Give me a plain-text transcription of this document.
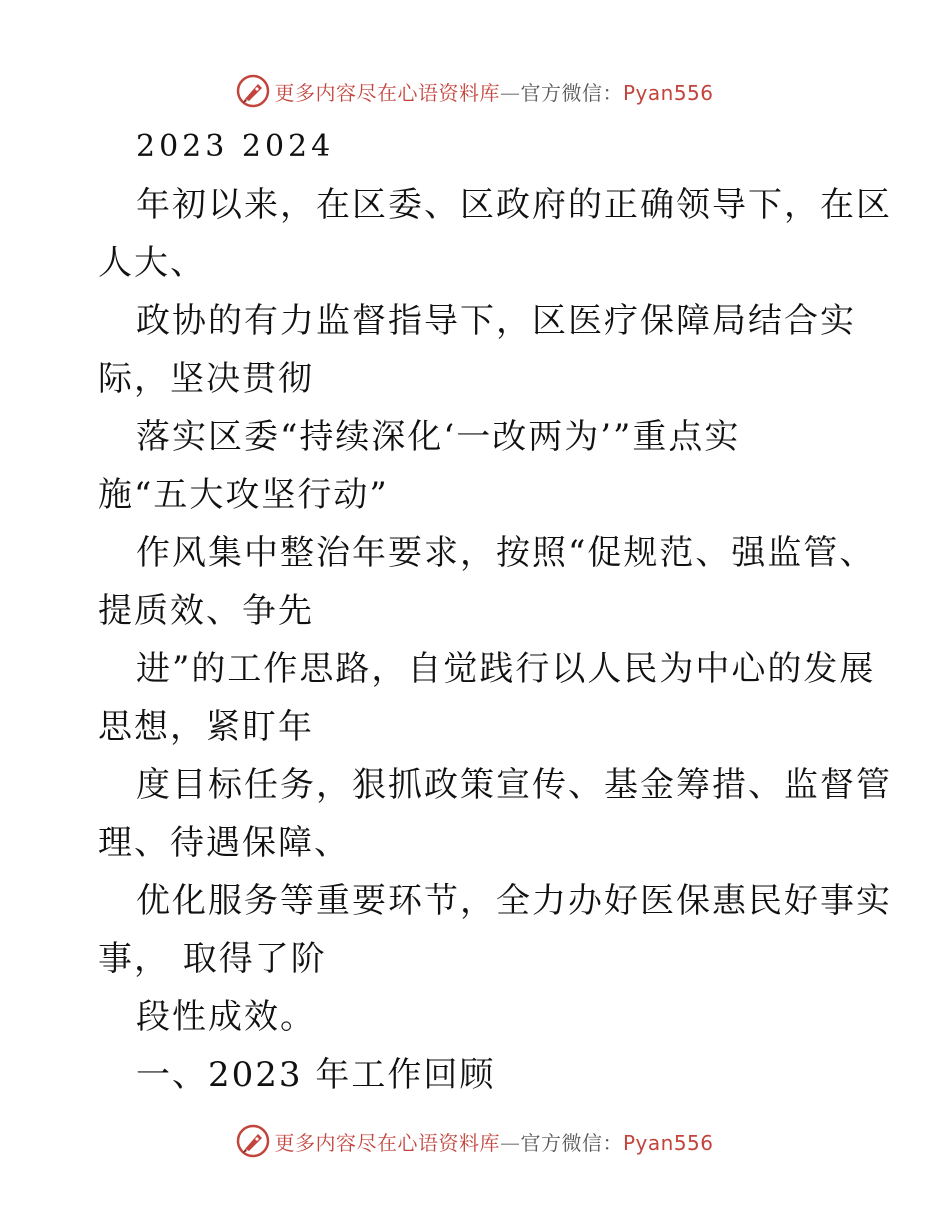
更多内容尽在心语资料库—官方微信：Pyan556
2023 2024
年初以来，在区委、区政府的正确领导下，在区
人大、
政协的有力监督指导下，区医疗保障局结合实
际，坚决贯彻
落实区委“持续深化‘一改两为’”重点实
施“五大攻坚行动”
作风集中整治年要求，按照“促规范、强监管、
提质效、争先
进”的工作思路，自觉践行以人民为中心的发展
思想，紧盯年
度目标任务，狠抓政策宣传、基金筹措、监督管
理、待遇保障、
优化服务等重要环节，全力办好医保惠民好事实
事， 取得了阶
段性成效。
一、2023 年工作回顾
更多内容尽在心语资料库—官方微信：Pyan556
